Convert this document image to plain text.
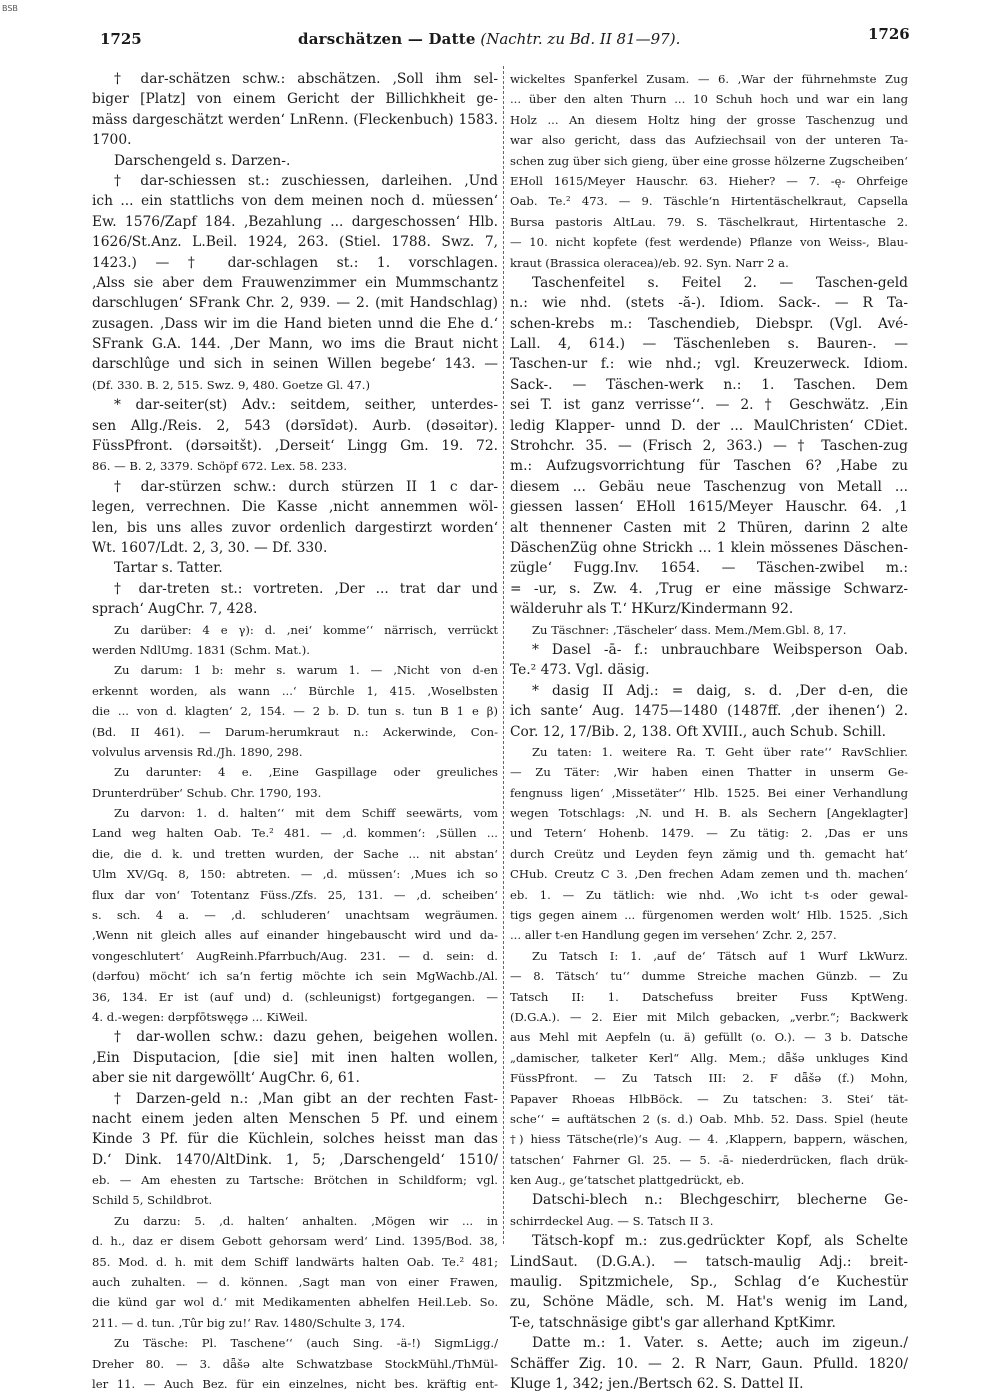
BSB
1725	darschätzen — Datte (Nachtr. zu Bd. II 81—97).	1726
† dar-schätzen schw.: abschätzen. ‚Soll ihm sel-
biger [Platz] von einem Gericht der Billichkheit ge-
mäss dargeschätzt werden‘ LnRenn. (Fleckenbuch) 1583.
1700.
Darschengeld s. Darzen-.
† dar-schiessen st.: zuschiessen, darleihen. ‚Und
ich ... ein stattlichs von dem meinen noch d. müessen‘
Ew. 1576/Zapf 184. ‚Bezahlung ... dargeschossen‘ Hlb.
1626/St.Anz. L.Beil. 1924, 263. (Stiel. 1788. Swz. 7,
1423.) — † dar-schlagen st.: 1. vorschlagen.
‚Alss sie aber dem Frauwenzimmer ein Mummschantz
darschlugen‘ SFrank Chr. 2, 939. — 2. (mit Handschlag)
zusagen. ‚Dass wir im die Hand bieten unnd die Ehe d.‘
SFrank G.A. 144. ‚Der Mann, wo ims die Braut nicht
darschlûge und sich in seinen Willen begebe‘ 143. —
(Df. 330. B. 2, 515. Swz. 9, 480. Goetze Gl. 47.)
* dar-seiter(st) Adv.: seitdem, seither, unterdes-
sen Allg./Reis. 2, 543 (dərsīdət). Aurb. (dəsəitər).
FüssPfront. (dərsəitšt). ‚Derseit‘ Lingg Gm. 19. 72.
86. — B. 2, 3379. Schöpf 672. Lex. 58. 233.
† dar-stürzen schw.: durch stürzen II 1 c dar-
legen, verrechnen. Die Kasse ‚nicht annemmen wöl-
len, bis uns alles zuvor ordenlich dargestirzt worden‘
Wt. 1607/Ldt. 2, 3, 30. — Df. 330.
Tartar s. Tatter.
† dar-treten st.: vortreten. ‚Der ... trat dar und
sprach‘ AugChr. 7, 428.
Zu darüber: 4 e γ): d. ‚nei‘ komme‘‘ närrisch, verrückt
werden NdlUmg. 1831 (Schm. Mat.).
Zu darum: 1 b: mehr s. warum 1. — ‚Nicht von d-en
erkennt worden, als wann ...‘ Bürchle 1, 415. ‚Woselbsten
die ... von d. klagten‘ 2, 154. — 2 b. D. tun s. tun B 1 e β)
(Bd. II 461). — Darum-herumkraut n.: Ackerwinde, Con-
volvulus arvensis Rd./Jh. 1890, 298.
Zu darunter: 4 e. ‚Eine Gaspillage oder greuliches
Drunterdrüber‘ Schub. Chr. 1790, 193.
Zu darvon: 1. d. halten‘‘ mit dem Schiff seewärts, vom
Land weg halten Oab. Te.² 481. — ‚d. kommen‘: ‚Süllen ...
die, die d. k. und tretten wurden, der Sache ... nit abstan‘
Ulm XV/Gq. 8, 150: abtreten. — ‚d. müssen‘: ‚Mues ich so
flux dar von‘ Totentanz Füss./Zfs. 25, 131. — ‚d. scheiben‘
s. sch. 4 a. — ‚d. schluderen‘ unachtsam wegräumen.
‚Wenn nit gleich alles auf einander hingebauscht wird und da-
vongeschlutert‘ AugReinh.Pfarrbuch/Aug. 231. — d. sein: d.
(dərfʊu) möcht‘ ich sa‘n fertig möchte ich sein MgWachb./Al.
36, 134. Er ist (auf und) d. (schleunigst) fortgegangen. —
4. d.-wegen: dərpfōtswęgə ... KiWeil.
† dar-wollen schw.: dazu gehen, beigehen wollen.
‚Ein Disputacion, [die sie] mit inen halten wollen,
aber sie nit dargewöllt‘ AugChr. 6, 61.
† Darzen-geld n.: ‚Man gibt an der rechten Fast-
nacht einem jeden alten Menschen 5 Pf. und einem
Kinde 3 Pf. für die Küchlein, solches heisst man das
D.‘ Dink. 1470/AltDink. 1, 5; ‚Darschengeld‘ 1510/
eb. — Am ehesten zu Tartsche: Brötchen in Schildform; vgl.
Schild 5, Schildbrot.
Zu darzu: 5. ‚d. halten‘ anhalten. ‚Mögen wir ... in
d. h., daz er disem Gebott gehorsam werd‘ Lind. 1395/Bod. 38,
85. Mod. d. h. mit dem Schiff landwärts halten Oab. Te.² 481;
auch zuhalten. — d. können. ‚Sagt man von einer Frawen,
die künd gar wol d.‘ mit Medikamenten abhelfen Heil.Leb. So.
211. — d. tun. ‚Tûr big zu!‘ Rav. 1480/Schulte 3, 174.
Zu Täsche: Pl. Taschene‘‘ (auch Sing. -ä-!) SigmLigg./
Dreher 80. — 3. dǟšə alte Schwatzbase StockMühl./ThMül-
ler 11. — Auch Bez. für ein einzelnes, nicht bes. kräftig ent-
wickeltes Spanferkel Zusam. — 6. ‚War der führnehmste Zug
... über den alten Thurn ... 10 Schuh hoch und war ein lang
Holz ... An diesem Holtz hing der grosse Taschenzug und
war also gericht, dass das Aufziechsail von der unteren Ta-
schen zug über sich gieng, über eine grosse hölzerne Zugscheiben‘
EHoll 1615/Meyer Hauschr. 63. Hieher? — 7. -ę- Ohrfeige
Oab. Te.² 473. — 9. Täschle‘n Hirtentäschelkraut, Capsella
Bursa pastoris AltLau. 79. S. Täschelkraut, Hirtentasche 2.
— 10. nicht kopfete (fest werdende) Pflanze von Weiss-, Blau-
kraut (Brassica oleracea)/eb. 92. Syn. Narr 2 a.
Taschenfeitel s. Feitel 2. — Taschen-geld
n.: wie nhd. (stets -ă-). Idiom. Sack-. — R Ta-
schen-krebs m.: Taschendieb, Diebspr. (Vgl. Avé-
Lall. 4, 614.) — Täschenleben s. Bauren-. —
Taschen-ur f.: wie nhd.; vgl. Kreuzerweck. Idiom.
Sack-. — Täschen-werk n.: 1. Taschen. Dem
sei T. ist ganz verrisse‘‘. — 2. † Geschwätz. ‚Ein
ledig Klapper- unnd D. der ... MaulChristen‘ CDiet.
Strohchr. 35. — (Frisch 2, 363.) — † Taschen-zug
m.: Aufzugsvorrichtung für Taschen 6? ‚Habe zu
diesem ... Gebäu neue Taschenzug von Metall ...
giessen lassen‘ EHoll 1615/Meyer Hauschr. 64. ‚1
alt thennener Casten mit 2 Thüren, darinn 2 alte
DäschenZüg ohne Strickh ... 1 klein mössenes Däschen-
zügle‘ Fugg.Inv. 1654. — Täschen-zwibel m.:
= -ur, s. Zw. 4. ‚Trug er eine mässige Schwarz-
wälderuhr als T.‘ HKurz/Kindermann 92.
Zu Täschner: ‚Täscheler‘ dass. Mem./Mem.Gbl. 8, 17.
* Dasel -ā- f.: unbrauchbare Weibsperson Oab.
Te.² 473. Vgl. däsig.
* dasig II Adj.: = daig, s. d. ‚Der d-en, die
ich sante‘ Aug. 1475—1480 (1487ff. ‚der ihenen‘) 2.
Cor. 12, 17/Bib. 2, 138. Oft XVIII., auch Schub. Schill.
Zu taten: 1. weitere Ra. T. Geht über rate‘‘ RavSchlier.
— Zu Täter: ‚Wir haben einen Thatter in unserm Ge-
fengnuss ligen‘ ‚Missetäter‘‘ Hlb. 1525. Bei einer Verhandlung
wegen Totschlags: ‚N. und H. B. als Sechern [Angeklagter]
und Tetern‘ Hohenb. 1479. — Zu tätig: 2. ‚Das er uns
durch Creütz und Leyden feyn zămig und th. gemacht hat‘
CHub. Creutz C 3. ‚Den frechen Adam zemen und th. machen‘
eb. 1. — Zu tätlich: wie nhd. ‚Wo icht t-s oder gewal-
tigs gegen ainem ... fürgenomen werden wolt‘ Hlb. 1525. ‚Sich
... aller t-en Handlung gegen im versehen‘ Zchr. 2, 257.
Zu Tatsch I: 1. ‚auf de‘ Tätsch auf 1 Wurf LkWurz.
— 8. Tätsch‘ tu‘‘ dumme Streiche machen Günzb. — Zu
Tatsch II: 1. Datschefuss breiter Fuss KptWeng.
(D.G.A.). — 2. Eier mit Milch gebacken, „verbr.“; Backwerk
aus Mehl mit Aepfeln (u. ä) gefüllt (o. O.). — 3 b. Datsche
„damischer, talketer Kerl“ Allg. Mem.; dǟšə unkluges Kind
FüssPfront. — Zu Tatsch III: 2. F dǟšə (f.) Mohn,
Papaver Rhoeas HlbBöck. — Zu tatschen: 3. Stei‘ tät-
sche‘‘ = auftätschen 2 (s. d.) Oab. Mhb. 52. Dass. Spiel (heute
†) hiess Tätsche(rle)‘s Aug. — 4. ‚Klappern, bappern, wäschen,
tatschen‘ Fahrner Gl. 25. — 5. -ā- niederdrücken, flach drük-
ken Aug., ge‘tatschet plattgedrückt, eb.
Datschi-blech n.: Blechgeschirr, blecherne Ge-
schirrdeckel Aug. — S. Tatsch II 3.
Tätsch-kopf m.: zus.gedrückter Kopf, als Schelte
LindSaut. (D.G.A.). — tatsch-maulig Adj.: breit-
maulig. Spitzmichele, Sp., Schlag d‘e Kuchestür
zu, Schöne Mädle, sch. M. Hat's wenig im Land,
T-e, tatschnäsige gibt's gar allerhand KptKimr.
Datte m.: 1. Vater. s. Aette; auch im zigeun./
Schäffer Zig. 10. — 2. R Narr, Gaun. Pfulld. 1820/
Kluge 1, 342; jen./Bertsch 62. S. Dattel II.
